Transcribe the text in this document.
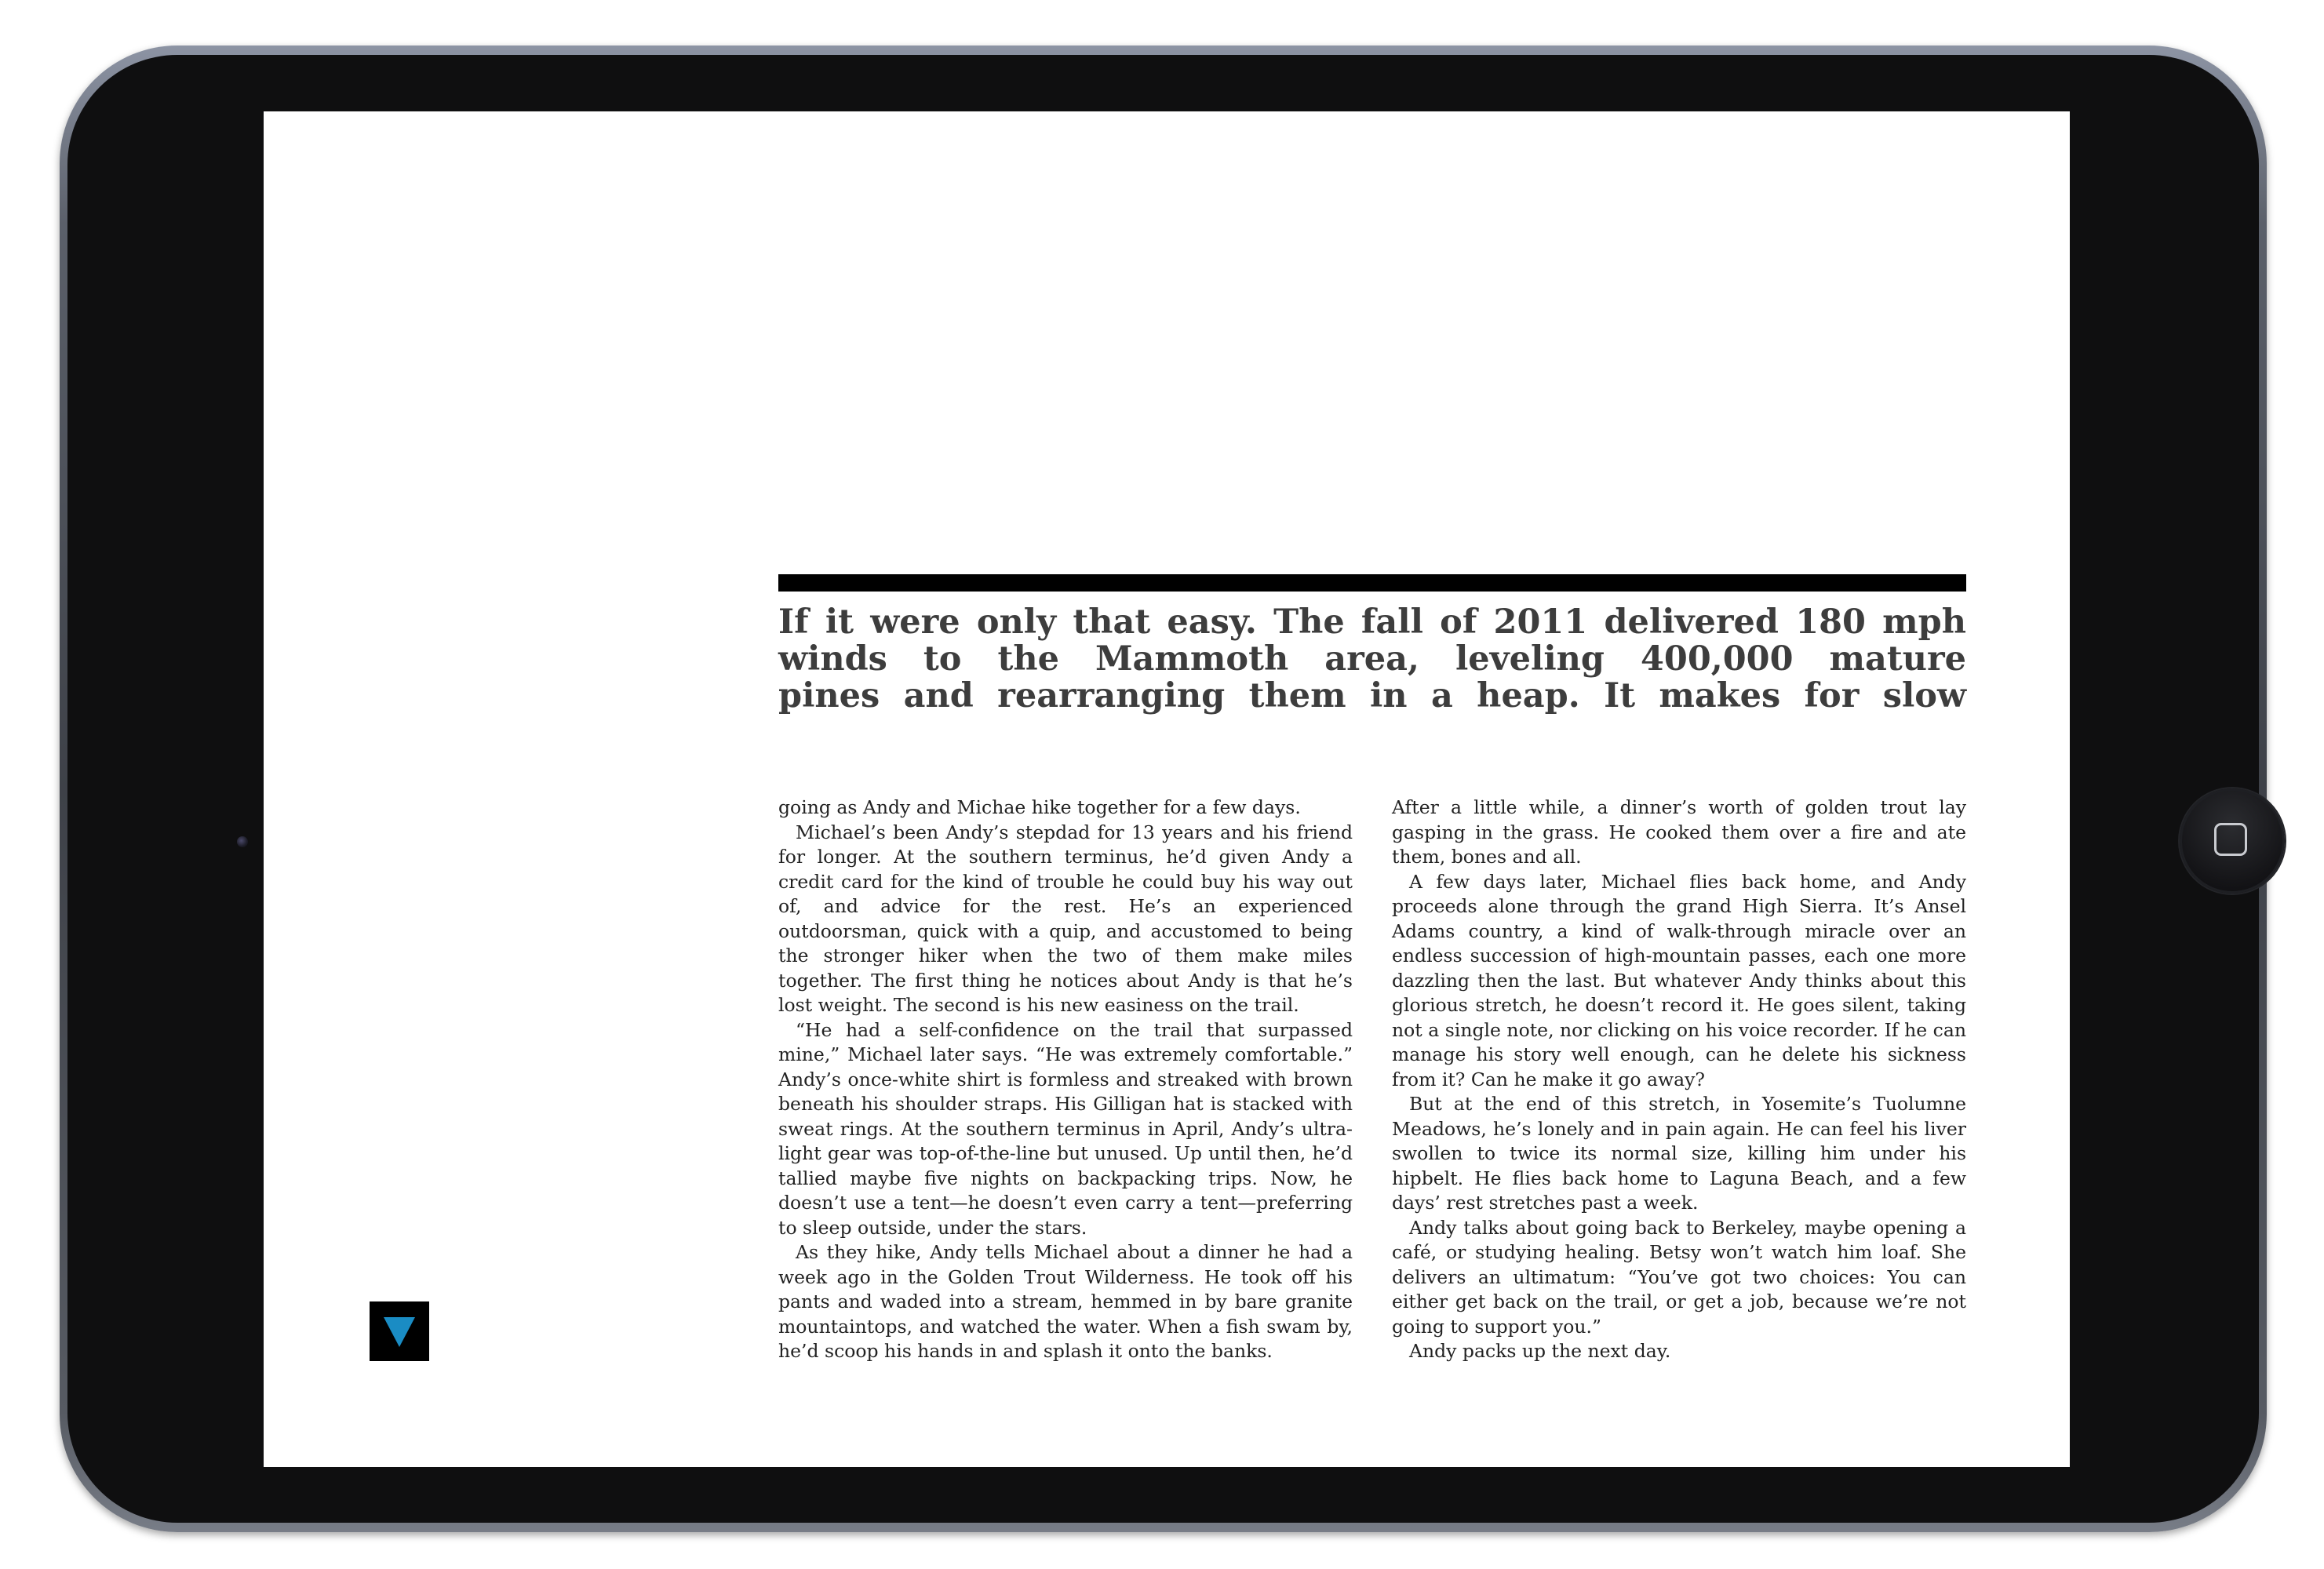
If it were only that easy. The fall of 2011 delivered 180 mph
winds to the Mammoth area, leveling 400,000 mature
pines and rearranging them in a heap. It makes for slow

going as Andy and Michae hike together for a few days.

Michael’s been Andy’s stepdad for 13 years and his friend for longer. At the southern terminus, he’d given Andy a credit card for the kind of trouble he could buy his way out of, and advice for the rest. He’s an experienced outdoorsman, quick with a quip, and accustomed to being the stronger hiker when the two of them make miles together. The first thing he notices about Andy is that he’s lost weight. The second is his new easiness on the trail.

“He had a self-confidence on the trail that surpassed mine,” Michael later says. “He was extremely comfortable.” Andy’s once-white shirt is formless and streaked with brown beneath his shoulder straps. His Gilligan hat is stacked with sweat rings. At the southern terminus in April, Andy’s ultra-light gear was top-of-the-line but unused. Up until then, he’d tallied maybe five nights on backpacking trips. Now, he doesn’t use a tent—he doesn’t even carry a tent—preferring to sleep outside, under the stars.

As they hike, Andy tells Michael about a dinner he had a week ago in the Golden Trout Wilderness. He took off his pants and waded into a stream, hemmed in by bare granite mountaintops, and watched the water. When a fish swam by, he’d scoop his hands in and splash it onto the banks.

After a little while, a dinner’s worth of golden trout lay gasping in the grass. He cooked them over a fire and ate them, bones and all.

A few days later, Michael flies back home, and Andy proceeds alone through the grand High Sierra. It’s Ansel Adams country, a kind of walk-through miracle over an endless succession of high-mountain passes, each one more dazzling then the last. But whatever Andy thinks about this glorious stretch, he doesn’t record it. He goes silent, taking not a single note, nor clicking on his voice recorder. If he can manage his story well enough, can he delete his sickness from it? Can he make it go away?

But at the end of this stretch, in Yosemite’s Tuolumne Meadows, he’s lonely and in pain again. He can feel his liver swollen to twice its normal size, killing him under his hipbelt. He flies back home to Laguna Beach, and a few days’ rest stretches past a week.

Andy talks about going back to Berkeley, maybe opening a café, or studying healing. Betsy won’t watch him loaf. She delivers an ultimatum: “You’ve got two choices: You can either get back on the trail, or get a job, because we’re not going to support you.”

Andy packs up the next day.
